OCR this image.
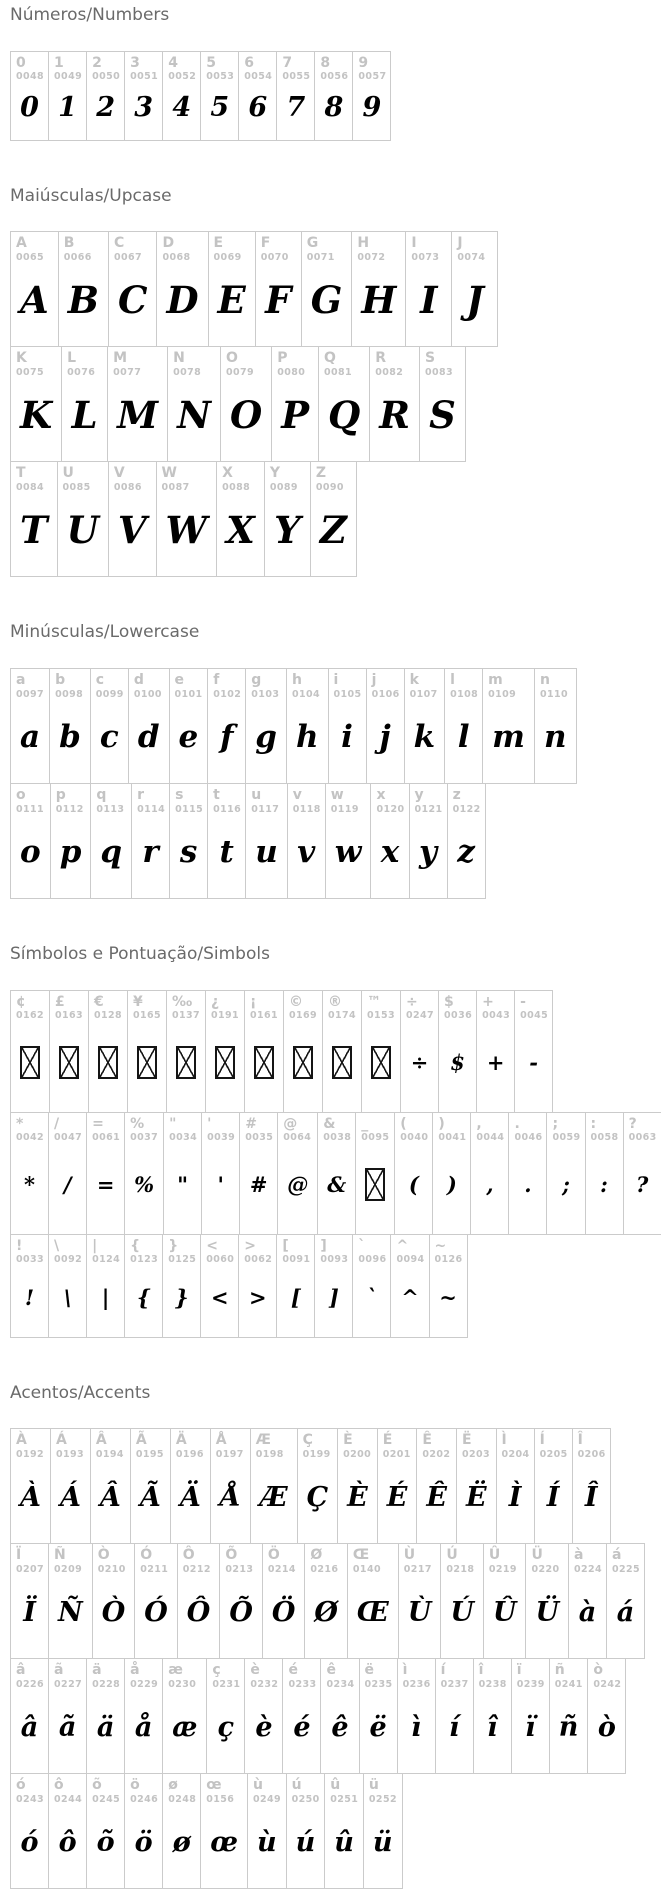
Números/Numbers
0
0048
0
1
0049
1
2
0050
2
3
0051
3
4
0052
4
5
0053
5
6
0054
6
7
0055
7
8
0056
8
9
0057
9
Maiúsculas/Upcase
A
0065
A
B
0066
B
C
0067
C
D
0068
D
E
0069
E
F
0070
F
G
0071
G
H
0072
H
I
0073
I
J
0074
J
K
0075
K
L
0076
L
M
0077
M
N
0078
N
O
0079
O
P
0080
P
Q
0081
Q
R
0082
R
S
0083
S
T
0084
T
U
0085
U
V
0086
V
W
0087
W
X
0088
X
Y
0089
Y
Z
0090
Z
Minúsculas/Lowercase
a
0097
a
b
0098
b
c
0099
c
d
0100
d
e
0101
e
f
0102
f
g
0103
g
h
0104
h
i
0105
i
j
0106
j
k
0107
k
l
0108
l
m
0109
m
n
0110
n
o
0111
o
p
0112
p
q
0113
q
r
0114
r
s
0115
s
t
0116
t
u
0117
u
v
0118
v
w
0119
w
x
0120
x
y
0121
y
z
0122
z
Símbolos e Pontuação/Simbols
¢
0162
£
0163
€
0128
¥
0165
‰
0137
¿
0191
¡
0161
©
0169
®
0174
™
0153
÷
0247
÷
$
0036
$
+
0043
+
-
0045
-
*
0042
*
/
0047
/
=
0061
=
%
0037
%
"
0034
"
'
0039
'
#
0035
#
@
0064
@
&
0038
&
_
0095
(
0040
(
)
0041
)
,
0044
,
.
0046
.
;
0059
;
:
0058
:
?
0063
?
!
0033
!
\
0092
\
|
0124
|
{
0123
{
}
0125
}
<
0060
<
>
0062
>
[
0091
[
]
0093
]
`
0096
`
^
0094
^
~
0126
~
Acentos/Accents
À
0192
À
Á
0193
Á
Â
0194
Â
Ã
0195
Ã
Ä
0196
Ä
Å
0197
Å
Æ
0198
Æ
Ç
0199
Ç
È
0200
È
É
0201
É
Ê
0202
Ê
Ë
0203
Ë
Ì
0204
Ì
Í
0205
Í
Î
0206
Î
Ï
0207
Ï
Ñ
0209
Ñ
Ò
0210
Ò
Ó
0211
Ó
Ô
0212
Ô
Õ
0213
Õ
Ö
0214
Ö
Ø
0216
Ø
Œ
0140
Œ
Ù
0217
Ù
Ú
0218
Ú
Û
0219
Û
Ü
0220
Ü
à
0224
à
á
0225
á
â
0226
â
ã
0227
ã
ä
0228
ä
å
0229
å
æ
0230
æ
ç
0231
ç
è
0232
è
é
0233
é
ê
0234
ê
ë
0235
ë
ì
0236
ì
í
0237
í
î
0238
î
ï
0239
ï
ñ
0241
ñ
ò
0242
ò
ó
0243
ó
ô
0244
ô
õ
0245
õ
ö
0246
ö
ø
0248
ø
œ
0156
œ
ù
0249
ù
ú
0250
ú
û
0251
û
ü
0252
ü
